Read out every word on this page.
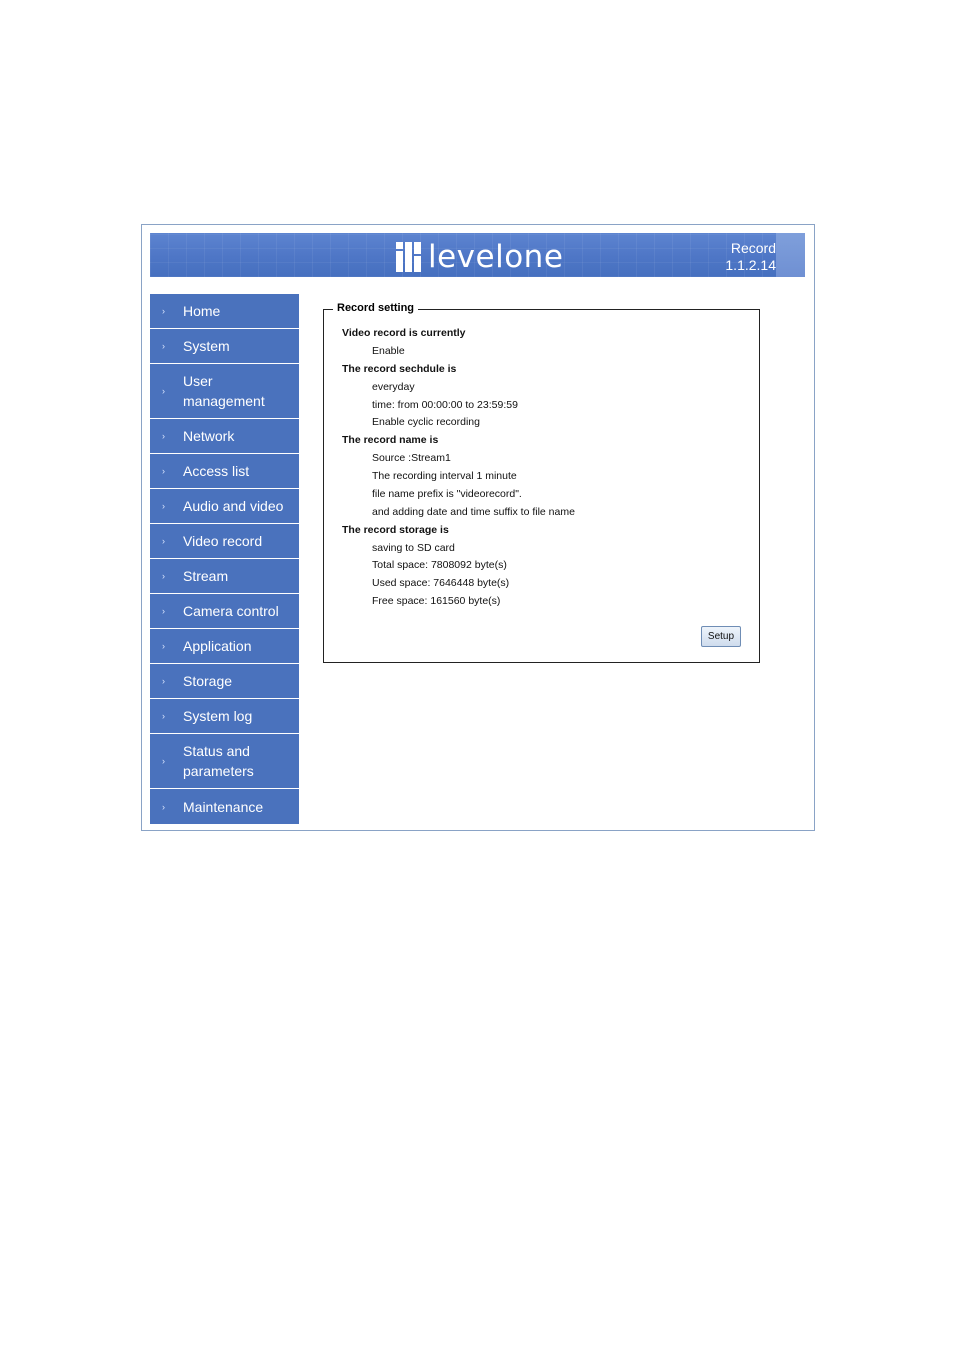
levelone	Record
1.1.2.14
› Home
› System
›
User management
› Network
› Access list
› Audio and video
› Video record
› Stream
› Camera control
› Application
› Storage
› System log
›
Status and parameters
› Maintenance
Record setting
Video record is currently
Enable
The record sechdule is
everyday
time: from 00:00:00 to 23:59:59
Enable cyclic recording
The record name is
Source :Stream1
The recording interval 1 minute
file name prefix is "videorecord".
and adding date and time suffix to file name
The record storage is
saving to SD card
Total space: 7808092 byte(s)
Used space: 7646448 byte(s)
Free space: 161560 byte(s)
Setup
